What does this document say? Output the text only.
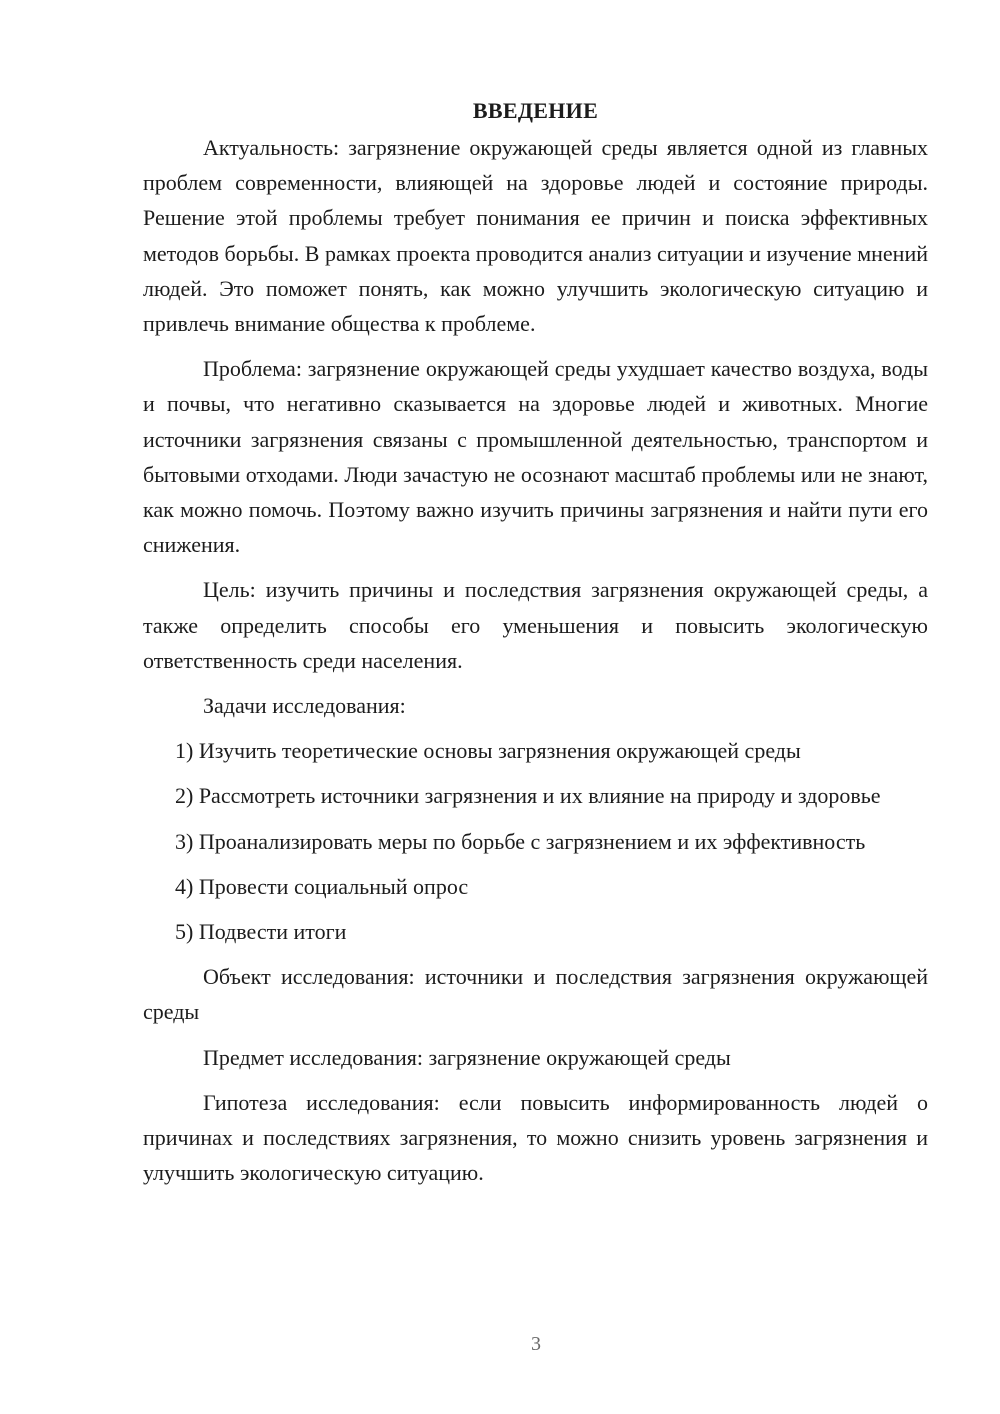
ВВЕДЕНИЕ

Актуальность: загрязнение окружающей среды является одной из главных проблем современности, влияющей на здоровье людей и состояние природы. Решение этой проблемы требует понимания ее причин и поиска эффективных методов борьбы. В рамках проекта проводится анализ ситуации и изучение мнений людей. Это поможет понять, как можно улучшить экологическую ситуацию и привлечь внимание общества к проблеме.

Проблема: загрязнение окружающей среды ухудшает качество воздуха, воды и почвы, что негативно сказывается на здоровье людей и животных. Многие источники загрязнения связаны с промышленной деятельностью, транспортом и бытовыми отходами. Люди зачастую не осознают масштаб проблемы или не знают, как можно помочь. Поэтому важно изучить причины загрязнения и найти пути его снижения.

Цель: изучить причины и последствия загрязнения окружающей среды, а также определить способы его уменьшения и повысить экологическую ответственность среди населения.

Задачи исследования:

1) Изучить теоретические основы загрязнения окружающей среды

2) Рассмотреть источники загрязнения и их влияние на природу и здоровье

3) Проанализировать меры по борьбе с загрязнением и их эффективность

4) Провести социальный опрос

5) Подвести итоги

Объект исследования: источники и последствия загрязнения окружающей среды

Предмет исследования: загрязнение окружающей среды

Гипотеза исследования: если повысить информированность людей о причинах и последствиях загрязнения, то можно снизить уровень загрязнения и улучшить экологическую ситуацию.

3
